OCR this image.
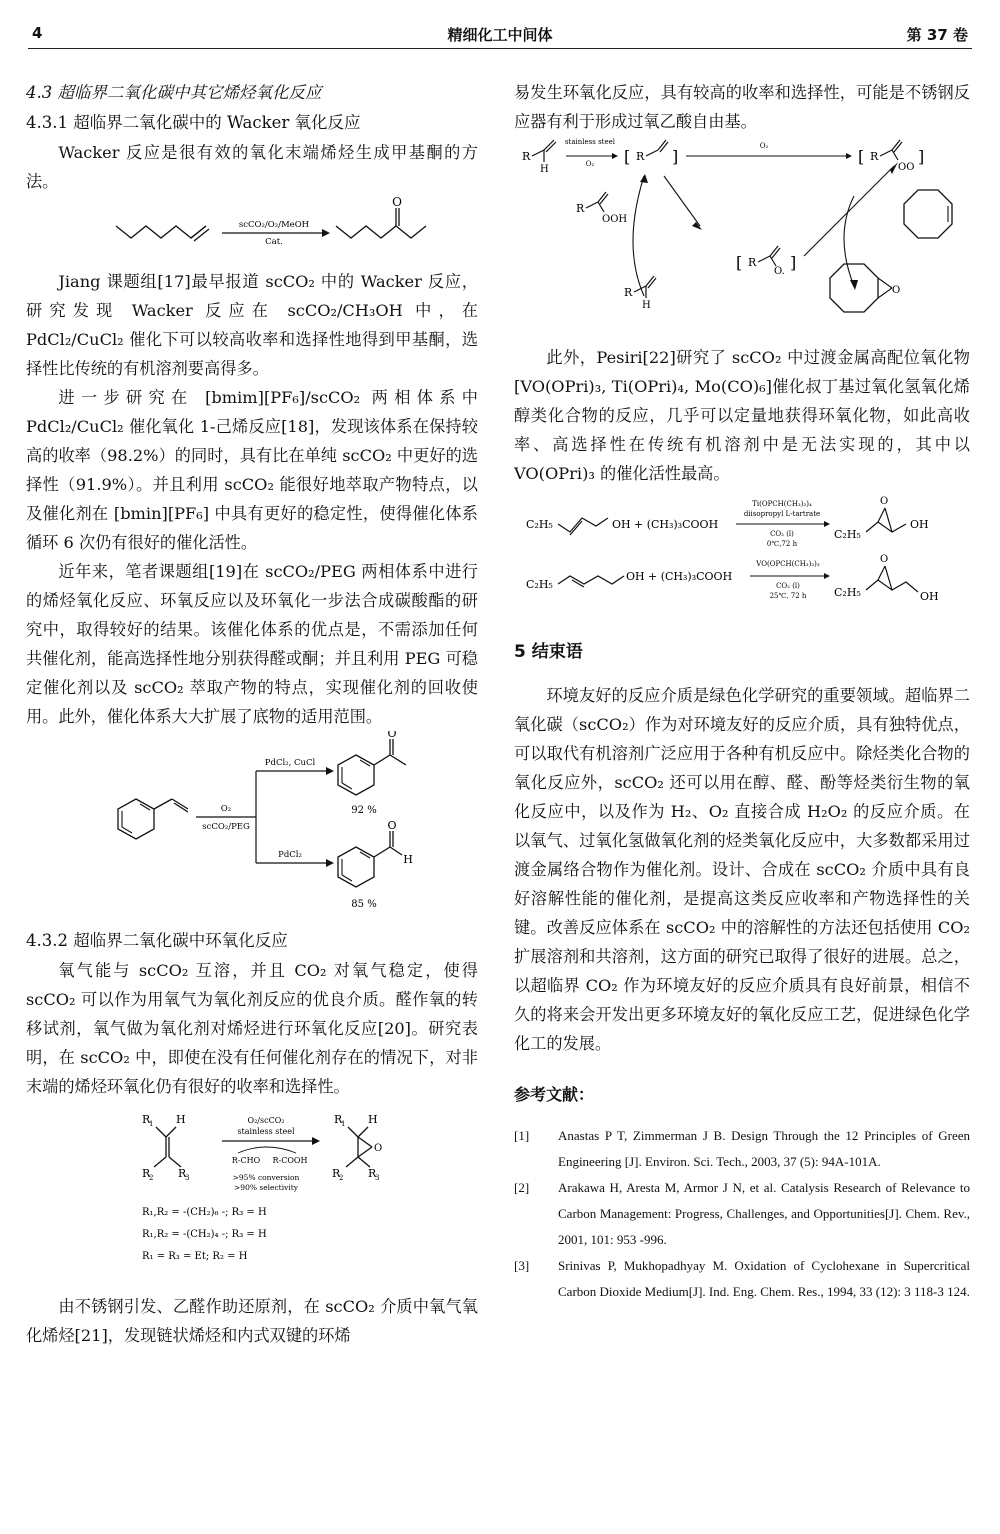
4	精细化工中间体	第 37 卷
4.3 超临界二氧化碳中其它烯烃氧化反应
4.3.1 超临界二氧化碳中的 Wacker 氧化反应

Wacker 反应是很有效的氧化末端烯烃生成甲基酮的方法。

scCO₂/O₂/MeOH
Cat.
O

Jiang 课题组[17]最早报道 scCO₂ 中的 Wacker 反应，研究发现 Wacker 反应在 scCO₂/CH₃OH 中，在 PdCl₂/CuCl₂ 催化下可以较高收率和选择性地得到甲基酮，选择性比传统的有机溶剂要高得多。

进一步研究在 [bmim][PF₆]/scCO₂ 两相体系中 PdCl₂/CuCl₂ 催化氧化 1-己烯反应[18]，发现该体系在保持较高的收率（98.2%）的同时，具有比在单纯 scCO₂ 中更好的选择性（91.9%）。并且利用 scCO₂ 能很好地萃取产物特点，以及催化剂在 [bmin][PF₆] 中具有更好的稳定性，使得催化体系循环 6 次仍有很好的催化活性。

近年来，笔者课题组[19]在 scCO₂/PEG 两相体系中进行的烯烃氧化反应、环氧反应以及环氧化一步法合成碳酸酯的研究中，取得较好的结果。该催化体系的优点是，不需添加任何共催化剂，能高选择性地分别获得醛或酮；并且利用 PEG 可稳定催化剂以及 scCO₂ 萃取产物的特点，实现催化剂的回收使用。此外，催化体系大大扩展了底物的适用范围。

O₂
scCO₂/PEG
PdCl₂, CuCl
PdCl₂
O
92 %
O
H
85 %
4.3.2 超临界二氧化碳中环氧化反应

氧气能与 scCO₂ 互溶，并且 CO₂ 对氧气稳定，使得 scCO₂ 可以作为用氧气为氧化剂反应的优良介质。醛作氧的转移试剂，氧气做为氧化剂对烯烃进行环氧化反应[20]。研究表明，在 scCO₂ 中，即使在没有任何催化剂存在的情况下，对非末端的烯烃环氧化仍有很好的收率和选择性。

R
1 H
R
2 R
3
O₂/scCO₂
stainless steel
R-CHO R-COOH
R
1 H
O
R
2 R
3
>95% conversion
>90% selectivity
R₁,R₂ = -(CH₂)₆ -; R₃ = H
R₁,R₂ = -(CH₂)₄ -; R₃ = H
R₁ = R₃ = Et; R₂ = H

由不锈钢引发、乙醛作助还原剂，在 scCO₂ 介质中氧气氧化烯烃[21]，发现链状烯烃和内式双键的环烯

易发生环氧化反应，具有较高的收率和选择性，可能是不锈钢反应器有利于形成过氧乙酸自由基。

R
H
stainless steel
O₂ [ R ]
O₂
[ R
OO
]
R
OOH
R
H
[ R
O. ]
O

此外，Pesiri[22]研究了 scCO₂ 中过渡金属高配位氧化物[VO(OPri)₃, Ti(OPri)₄, Mo(CO)₆]催化叔丁基过氧化氢氧化烯醇类化合物的反应，几乎可以定量地获得环氧化物，如此高收率、高选择性在传统有机溶剂中是无法实现的，其中以 VO(OPri)₃ 的催化活性最高。

C₂H₅	OH + (CH₃)₃COOH
Ti(OPCH(CH₃)₂)₄
diisopropyl L-tartrate
CO₂ (l)
0℃,72 h
C₂H₅
O
OH
C₂H₅
OH + (CH₃)₃COOH
VO(OPCH(CH₃)₂)₃
CO₂ (l)
25℃, 72 h	C₂H₅
O
OH
5 结束语

环境友好的反应介质是绿色化学研究的重要领域。超临界二氧化碳（scCO₂）作为对环境友好的反应介质，具有独特优点，可以取代有机溶剂广泛应用于各种有机反应中。除烃类化合物的氧化反应外，scCO₂ 还可以用在醇、醛、酚等烃类衍生物的氧化反应中，以及作为 H₂、O₂ 直接合成 H₂O₂ 的反应介质。在以氧气、过氧化氢做氧化剂的烃类氧化反应中，大多数都采用过渡金属络合物作为催化剂。设计、合成在 scCO₂ 介质中具有良好溶解性能的催化剂，是提高这类反应收率和产物选择性的关键。改善反应体系在 scCO₂ 中的溶解性的方法还包括使用 CO₂ 扩展溶剂和共溶剂，这方面的研究已取得了很好的进展。总之，以超临界 CO₂ 作为环境友好的反应介质具有良好前景，相信不久的将来会开发出更多环境友好的氧化反应工艺，促进绿色化学化工的发展。

参考文献：

[1] Anastas P T, Zimmerman J B. Design Through the 12 Principles of Green Engineering [J]. Environ. Sci. Tech., 2003, 37 (5): 94A-101A.

[2] Arakawa H, Aresta M, Armor J N, et al. Catalysis Research of Relevance to Carbon Management: Progress, Challenges, and Opportunities[J]. Chem. Rev., 2001, 101: 953 -996.

[3] Srinivas P, Mukhopadhyay M. Oxidation of Cyclohexane in Supercritical Carbon Dioxide Medium[J]. Ind. Eng. Chem. Res., 1994, 33 (12): 3 118-3 124.
